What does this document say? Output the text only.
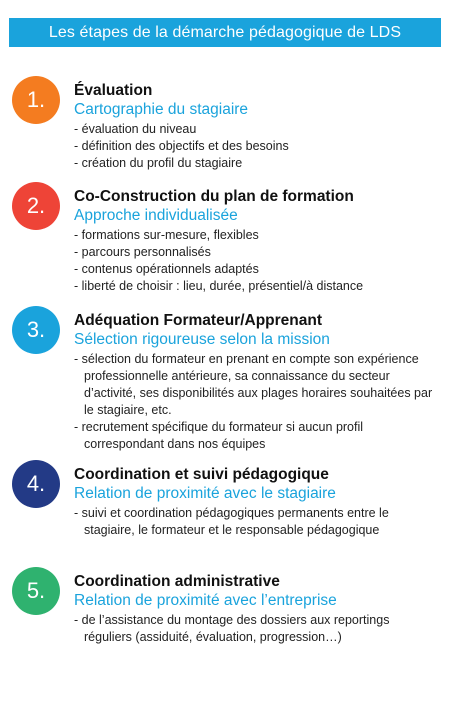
Les étapes de la démarche pédagogique de LDS
1.	Évaluation
Cartographie du stagiaire
- évaluation du niveau
- définition des objectifs et des besoins
- création du profil du stagiaire
2.	Co-Construction du plan de formation
Approche individualisée
- formations sur-mesure, flexibles
- parcours personnalisés
- contenus opérationnels adaptés
- liberté de choisir : lieu, durée, présentiel/à distance
3.	Adéquation Formateur/Apprenant
Sélection rigoureuse selon la mission
- sélection du formateur en prenant en compte son expérience professionnelle antérieure, sa connaissance du secteur d’activité, ses disponibilités aux plages horaires souhaitées par le stagiaire, etc.
- recrutement spécifique du formateur si aucun profil correspondant dans nos équipes
4.	Coordination et suivi pédagogique
Relation de proximité avec le stagiaire
- suivi et coordination pédagogiques permanents entre le stagiaire, le formateur et le responsable pédagogique
5.	Coordination administrative
Relation de proximité avec l’entreprise
- de l’assistance du montage des dossiers aux reportings réguliers (assiduité, évaluation, progression…)
